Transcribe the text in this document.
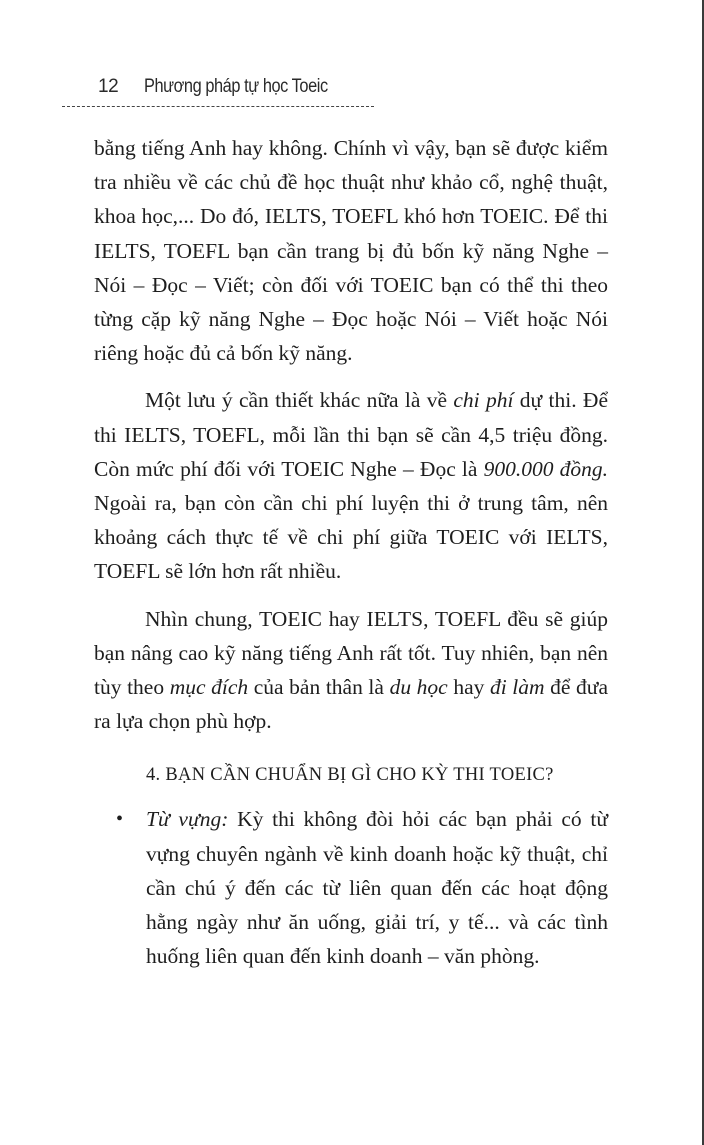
12 Phương pháp tự học Toeic

bằng tiếng Anh hay không. Chính vì vậy, bạn sẽ được kiểm tra nhiều về các chủ đề học thuật như khảo cổ, nghệ thuật, khoa học,... Do đó, IELTS, TOEFL khó hơn TOEIC. Để thi IELTS, TOEFL bạn cần trang bị đủ bốn kỹ năng Nghe – Nói – Đọc – Viết; còn đối với TOEIC bạn có thể thi theo từng cặp kỹ năng Nghe – Đọc hoặc Nói – Viết hoặc Nói riêng hoặc đủ cả bốn kỹ năng.

Một lưu ý cần thiết khác nữa là về chi phí dự thi. Để thi IELTS, TOEFL, mỗi lần thi bạn sẽ cần 4,5 triệu đồng. Còn mức phí đối với TOEIC Nghe – Đọc là 900.000 đồng. Ngoài ra, bạn còn cần chi phí luyện thi ở trung tâm, nên khoảng cách thực tế về chi phí giữa TOEIC với IELTS, TOEFL sẽ lớn hơn rất nhiều.

Nhìn chung, TOEIC hay IELTS, TOEFL đều sẽ giúp bạn nâng cao kỹ năng tiếng Anh rất tốt. Tuy nhiên, bạn nên tùy theo mục đích của bản thân là du học hay đi làm để đưa ra lựa chọn phù hợp.

4. BẠN CẦN CHUẨN BỊ GÌ CHO KỲ THI TOEIC?
• Từ vựng: Kỳ thi không đòi hỏi các bạn phải có từ vựng chuyên ngành về kinh doanh hoặc kỹ thuật, chỉ cần chú ý đến các từ liên quan đến các hoạt động hằng ngày như ăn uống, giải trí, y tế... và các tình huống liên quan đến kinh doanh – văn phòng.
